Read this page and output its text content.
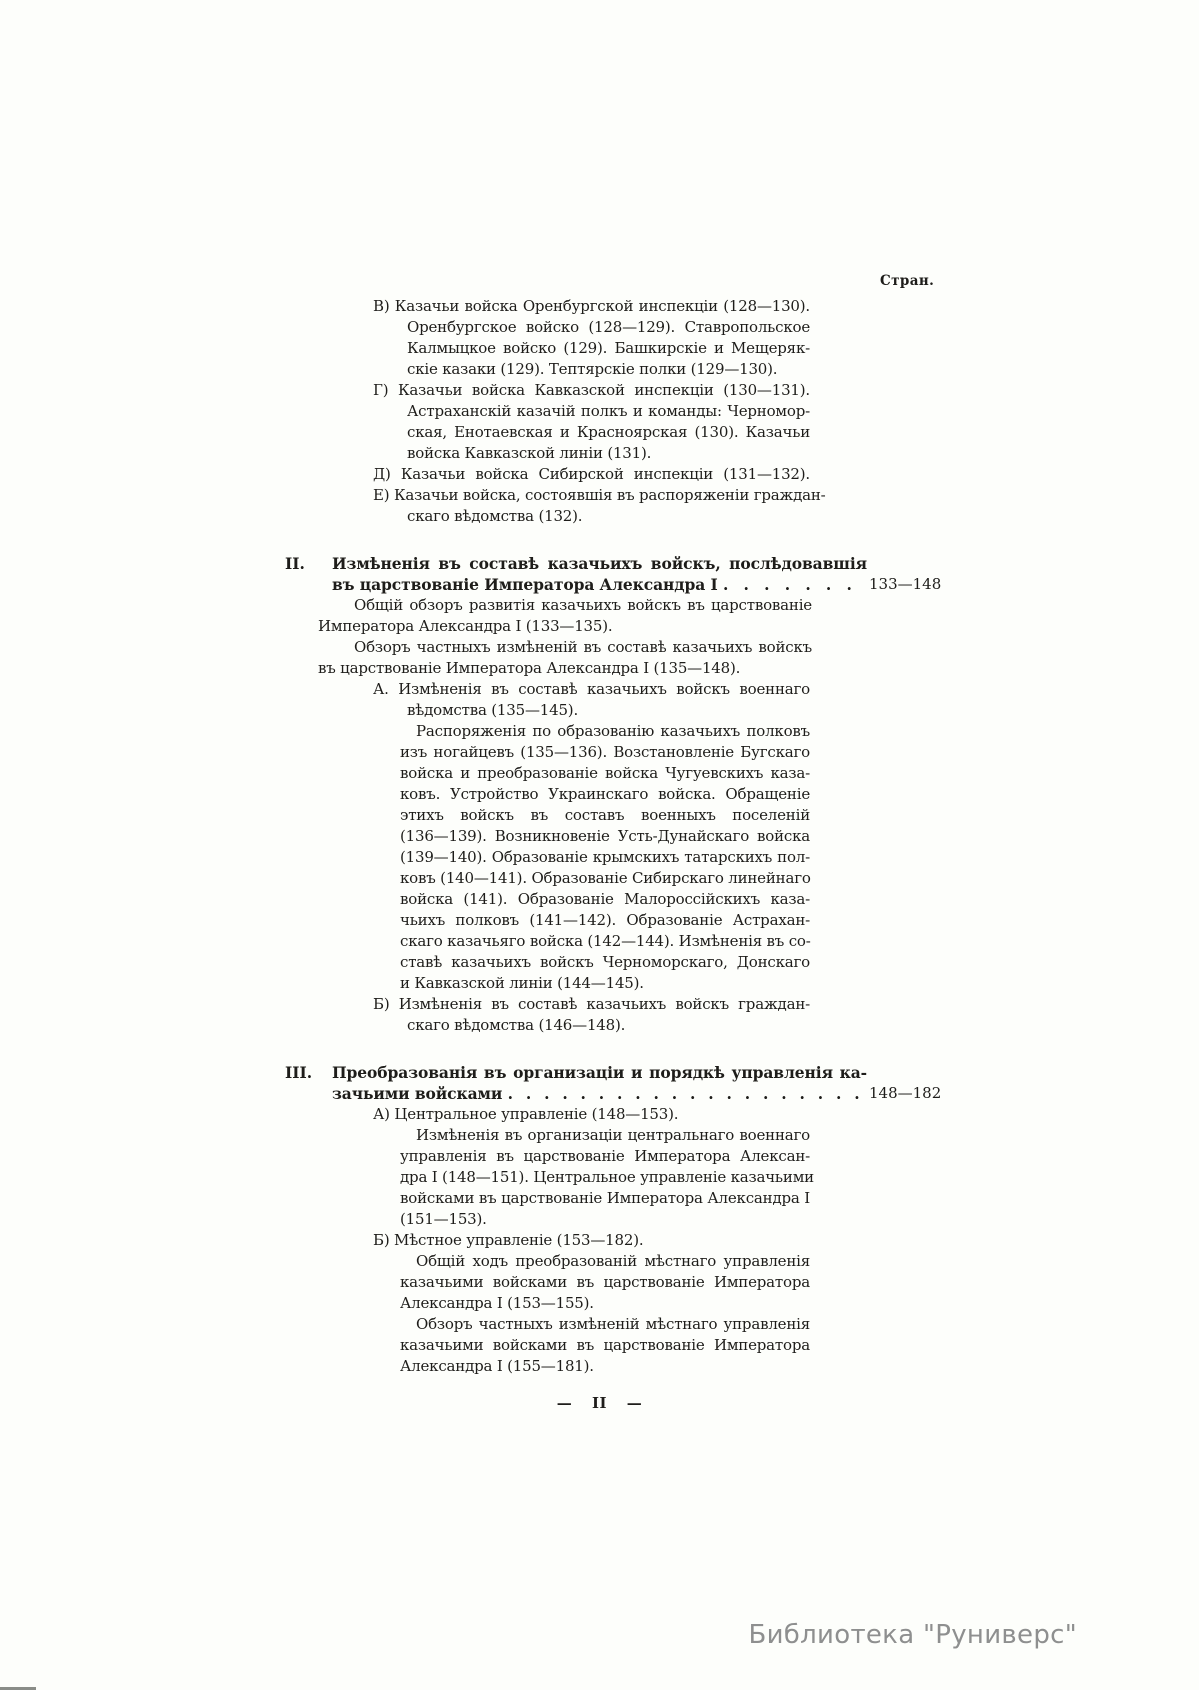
Стран.
В) Казачьи войска Оренбургской инспекціи (128—130).
Оренбургское войско (128—129). Ставропольское
Калмыцкое войско (129). Башкирскіе и Мещеряк-
скіе казаки (129). Тептярскіе полки (129—130).
Г) Казачьи войска Кавказской инспекціи (130—131).
Астраханскій казачій полкъ и команды: Черномор-
ская, Енотаевская и Красноярская (130). Казачьи
войска Кавказской линіи (131).
Д) Казачьи войска Сибирской инспекціи (131—132).
Е) Казачьи войска, состоявшія въ распоряженіи граждан-
скаго вѣдомства (132).
II.
133—148
Измѣненія въ составѣ казачьихъ войскъ, послѣдовавшія
въ царствованіе Императора Александра I .  .  .  .  .  .  .
Общій обзоръ развитія казачьихъ войскъ въ царствованіе
Императора Александра I (133—135).
Обзоръ частныхъ измѣненій въ составѣ казачьихъ войскъ
въ царствованіе Императора Александра I (135—148).
А. Измѣненія въ составѣ казачьихъ войскъ военнаго
вѣдомства (135—145).
Распоряженія по образованію казачьихъ полковъ
изъ ногайцевъ (135—136). Возстановленіе Бугскаго
войска и преобразованіе войска Чугуевскихъ каза-
ковъ. Устройство Украинскаго войска. Обращеніе
этихъ войскъ въ составъ военныхъ поселеній
(136—139). Возникновеніе Усть-Дунайскаго войска
(139—140). Образованіе крымскихъ татарскихъ пол-
ковъ (140—141). Образованіе Сибирскаго линейнаго
войска (141). Образованіе Малороссійскихъ каза-
чьихъ полковъ (141—142). Образованіе Астрахан-
скаго казачьяго войска (142—144). Измѣненія въ со-
ставѣ казачьихъ войскъ Черноморскаго, Донскаго
и Кавказской линіи (144—145).
Б) Измѣненія въ составѣ казачьихъ войскъ граждан-
скаго вѣдомства (146—148).
III.
148—182
Преобразованія въ организаціи и порядкѣ управленія ка-
зачьими войсками .  .  .  .  .  .  .  .  .  .  .  .  .  .  .  .  .  .  .  .
А) Центральное управленіе (148—153).
Измѣненія въ организаціи центральнаго военнаго
управленія въ царствованіе Императора Алексан-
дра I (148—151). Центральное управленіе казачьими
войсками въ царствованіе Императора Александра I
(151—153).
Б) Мѣстное управленіе (153—182).
Общій ходъ преобразованій мѣстнаго управленія
казачьими войсками въ царствованіе Императора
Александра I (153—155).
Обзоръ частныхъ измѣненій мѣстнаго управленія
казачьими войсками въ царствованіе Императора
Александра I (155—181).
— II —
Библиотека "Руниверс"
